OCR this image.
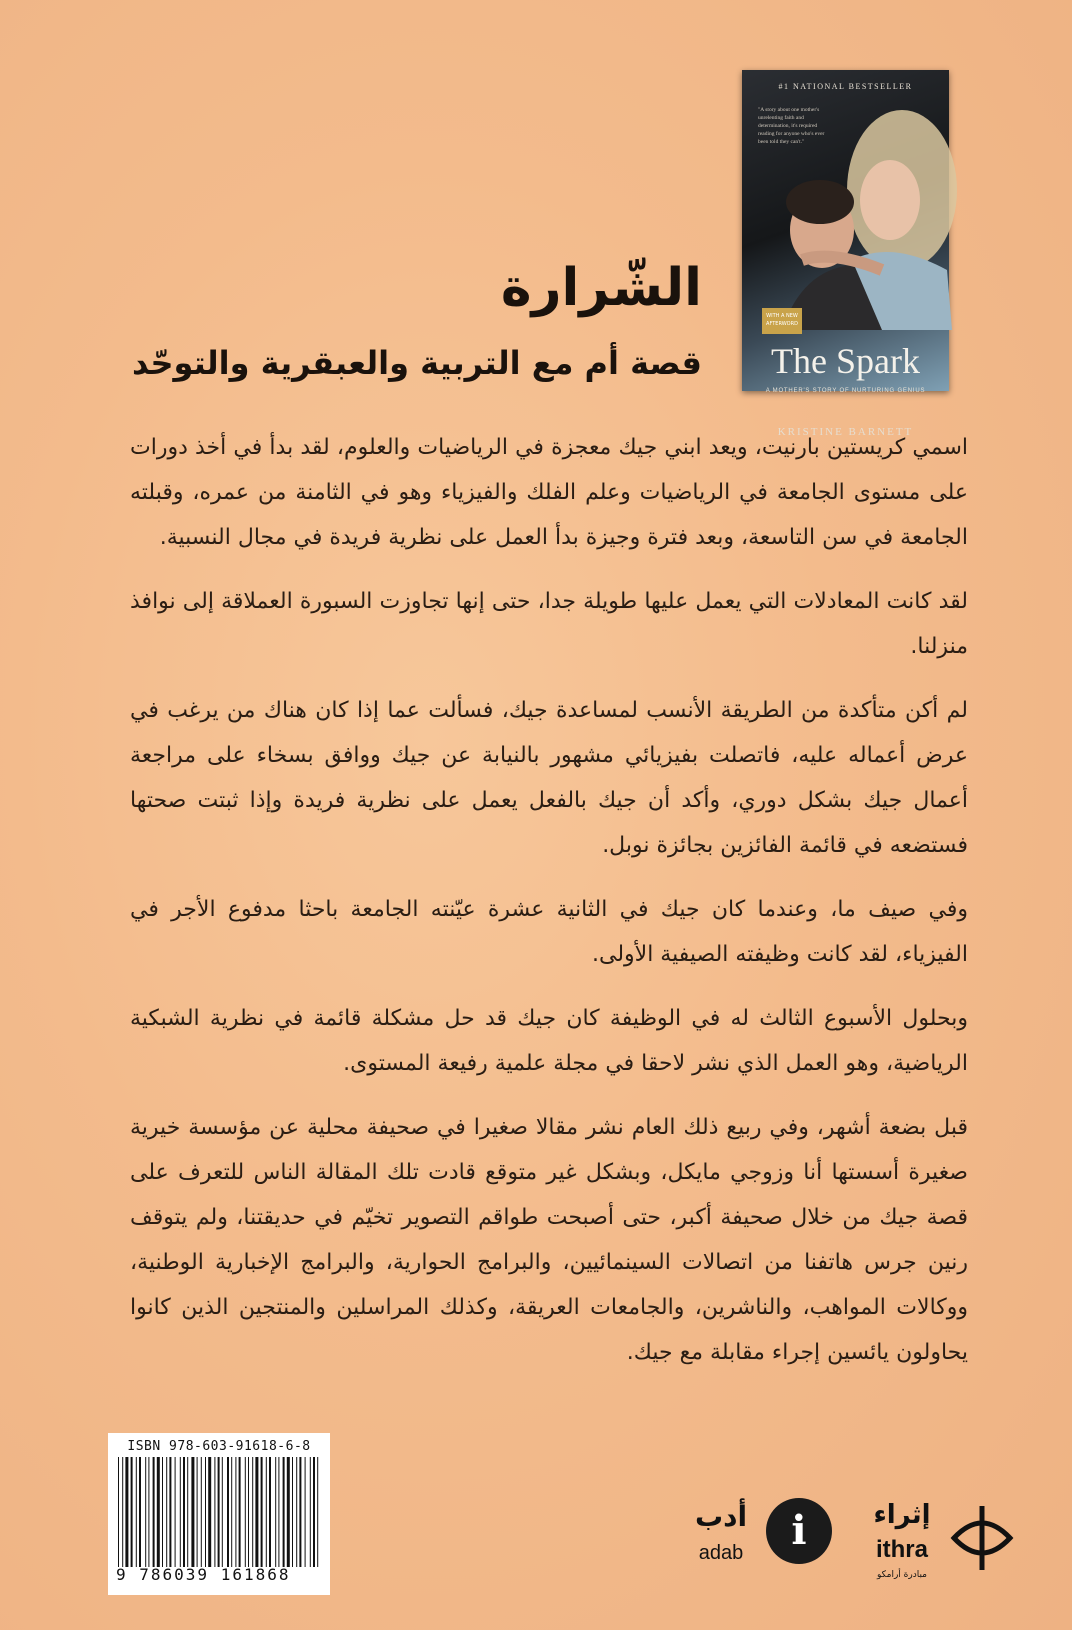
#1 NATIONAL BESTSELLER
"A story about one mother's unrelenting faith and determination, it's required reading for anyone who's ever been told they can't."
WITH A NEW AFTERWORD
The Spark
A MOTHER'S STORY OF NURTURING GENIUS
KRISTINE BARNETT
الشّرارة
قصة أم مع التربية والعبقرية والتوحّد

اسمي كريستين بارنيت، ويعد ابني جيك معجزة في الرياضيات والعلوم، لقد بدأ في أخذ دورات على مستوى الجامعة في الرياضيات وعلم الفلك والفيزياء وهو في الثامنة من عمره، وقبلته الجامعة في سن التاسعة، وبعد فترة وجيزة بدأ العمل على نظرية فريدة في مجال النسبية.

لقد كانت المعادلات التي يعمل عليها طويلة جدا، حتى إنها تجاوزت السبورة العملاقة إلى نوافذ منزلنا.

لم أكن متأكدة من الطريقة الأنسب لمساعدة جيك، فسألت عما إذا كان هناك من يرغب في عرض أعماله عليه، فاتصلت بفيزيائي مشهور بالنيابة عن جيك ووافق بسخاء على مراجعة أعمال جيك بشكل دوري، وأكد أن جيك بالفعل يعمل على نظرية فريدة وإذا ثبتت صحتها فستضعه في قائمة الفائزين بجائزة نوبل.

وفي صيف ما، وعندما كان جيك في الثانية عشرة عيّنته الجامعة باحثا مدفوع الأجر في الفيزياء، لقد كانت وظيفته الصيفية الأولى.

وبحلول الأسبوع الثالث له في الوظيفة كان جيك قد حل مشكلة قائمة في نظرية الشبكية الرياضية، وهو العمل الذي نشر لاحقا في مجلة علمية رفيعة المستوى.

قبل بضعة أشهر، وفي ربيع ذلك العام نشر مقالا صغيرا في صحيفة محلية عن مؤسسة خيرية صغيرة أسستها أنا وزوجي مايكل، وبشكل غير متوقع قادت تلك المقالة الناس للتعرف على قصة جيك من خلال صحيفة أكبر، حتى أصبحت طواقم التصوير تخيّم في حديقتنا، ولم يتوقف رنين جرس هاتفنا من اتصالات السينمائيين، والبرامج الحوارية، والبرامج الإخبارية الوطنية، ووكالات المواهب، والناشرين، والجامعات العريقة، وكذلك المراسلين والمنتجين الذين كانوا يحاولون يائسين إجراء مقابلة مع جيك.

ISBN 978-603-91618-6-8
9 786039 161868
أدب
adab	i	إثراء
ithra
مبادرة أرامكو
